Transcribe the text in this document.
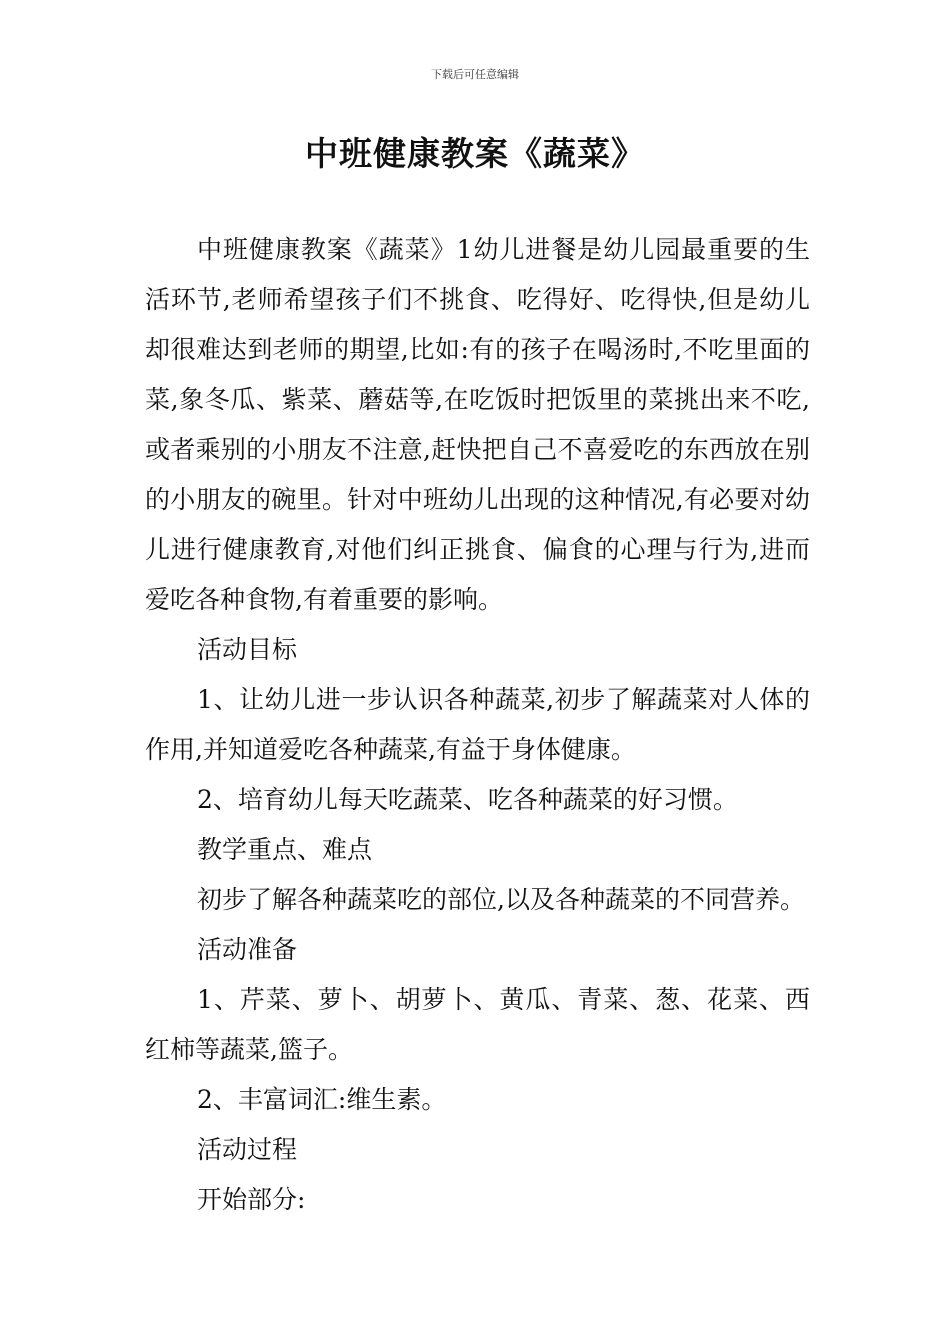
下载后可任意编辑
中班健康教案《蔬菜》

中班健康教案《蔬菜》1幼儿进餐是幼儿园最重要的生活环节,老师希望孩子们不挑食、吃得好、吃得快,但是幼儿却很难达到老师的期望,比如:有的孩子在喝汤时,不吃里面的菜,象冬瓜、紫菜、蘑菇等,在吃饭时把饭里的菜挑出来不吃,或者乘别的小朋友不注意,赶快把自己不喜爱吃的东西放在别的小朋友的碗里。针对中班幼儿出现的这种情况,有必要对幼儿进行健康教育,对他们纠正挑食、偏食的心理与行为,进而爱吃各种食物,有着重要的影响。

活动目标

1、让幼儿进一步认识各种蔬菜,初步了解蔬菜对人体的作用,并知道爱吃各种蔬菜,有益于身体健康。

2、培育幼儿每天吃蔬菜、吃各种蔬菜的好习惯。

教学重点、难点

初步了解各种蔬菜吃的部位,以及各种蔬菜的不同营养。

活动准备

1、芹菜、萝卜、胡萝卜、黄瓜、青菜、葱、花菜、西红柿等蔬菜,篮子。

2、丰富词汇:维生素。

活动过程

开始部分:
